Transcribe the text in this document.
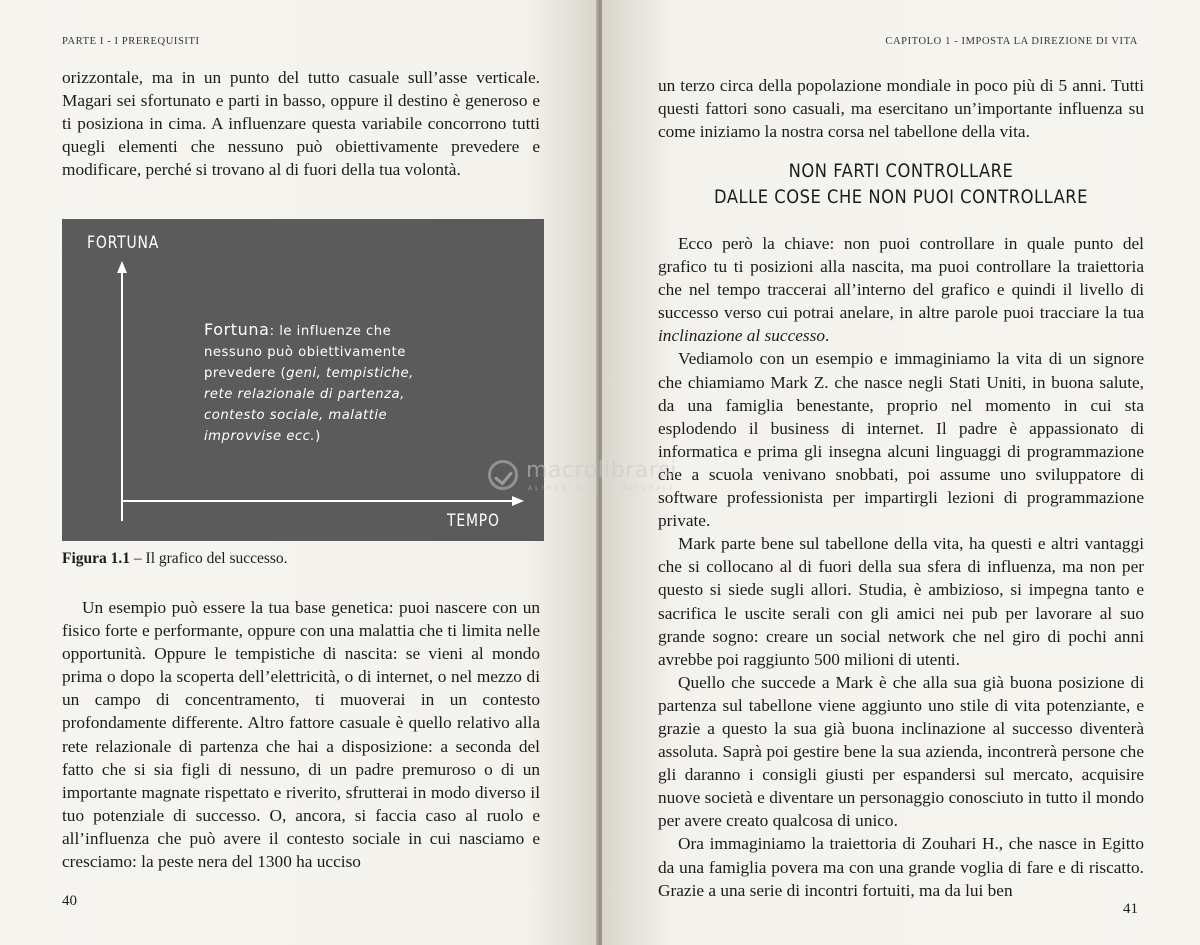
PARTE I - I PREREQUISITI

orizzontale, ma in un punto del tutto casuale sull’asse verticale. Magari sei sfortunato e parti in basso, oppure il destino è generoso e ti posiziona in cima. A influenzare questa variabile concorrono tutti quegli elementi che nessuno può obiettivamente prevedere e modificare, perché si trovano al di fuori della tua volontà.

FORTUNA
TEMPO
Fortuna: le influenze che nessuno può obiettivamente prevedere (geni, tempistiche, rete relazionale di partenza, contesto sociale, malattie improvvise ecc.)
Figura 1.1 – Il grafico del successo.

Un esempio può essere la tua base genetica: puoi nascere con un fisico forte e performante, oppure con una malattia che ti limita nelle opportunità. Oppure le tempistiche di nascita: se vieni al mondo prima o dopo la scoperta dell’elettricità, o di internet, o nel mezzo di un campo di concentramento, ti muoverai in un contesto profondamente differente. Altro fattore casuale è quello relativo alla rete relazionale di partenza che hai a disposizione: a seconda del fatto che si sia figli di nessuno, di un padre premuroso o di un importante magnate rispettato e riverito, sfrutterai in modo diverso il tuo potenziale di successo. O, ancora, si faccia caso al ruolo e all’influenza che può avere il contesto sociale in cui nasciamo e cresciamo: la peste nera del 1300 ha ucciso

40
CAPITOLO 1 - IMPOSTA LA DIREZIONE DI VITA

un terzo circa della popolazione mondiale in poco più di 5 anni. Tutti questi fattori sono casuali, ma esercitano un’importante influenza su come iniziamo la nostra corsa nel tabellone della vita.

NON FARTI CONTROLLARE
DALLE COSE CHE NON PUOI CONTROLLARE

Ecco però la chiave: non puoi controllare in quale punto del grafico tu ti posizioni alla nascita, ma puoi controllare la traiettoria che nel tempo traccerai all’interno del grafico e quindi il livello di successo verso cui potrai anelare, in altre parole puoi tracciare la tua inclinazione al successo.

Vediamolo con un esempio e immaginiamo la vita di un signore che chiamiamo Mark Z. che nasce negli Stati Uniti, in buona salute, da una famiglia benestante, proprio nel momento in cui sta esplodendo il business di internet. Il padre è appassionato di informatica e prima gli insegna alcuni linguaggi di programmazione che a scuola venivano snobbati, poi assume uno sviluppatore di software professionista per impartirgli lezioni di programmazione private.

Mark parte bene sul tabellone della vita, ha questi e altri vantaggi che si collocano al di fuori della sua sfera di influenza, ma non per questo si siede sugli allori. Studia, è ambizioso, si impegna tanto e sacrifica le uscite serali con gli amici nei pub per lavorare al suo grande sogno: creare un social network che nel giro di pochi anni avrebbe poi raggiunto 500 milioni di utenti.

Quello che succede a Mark è che alla sua già buona posizione di partenza sul tabellone viene aggiunto uno stile di vita potenziante, e grazie a questo la sua già buona inclinazione al successo diventerà assoluta. Saprà poi gestire bene la sua azienda, incontrerà persone che gli daranno i consigli giusti per espandersi sul mercato, acquisire nuove società e diventare un personaggio conosciuto in tutto il mondo per avere creato qualcosa di unico.

Ora immaginiamo la traiettoria di Zouhari H., che nasce in Egitto da una famiglia povera ma con una grande voglia di fare e di riscatto. Grazie a una serie di incontri fortuiti, ma da lui ben

41
macrolibrarsi
ALIMENTAZIONE NATURALE
